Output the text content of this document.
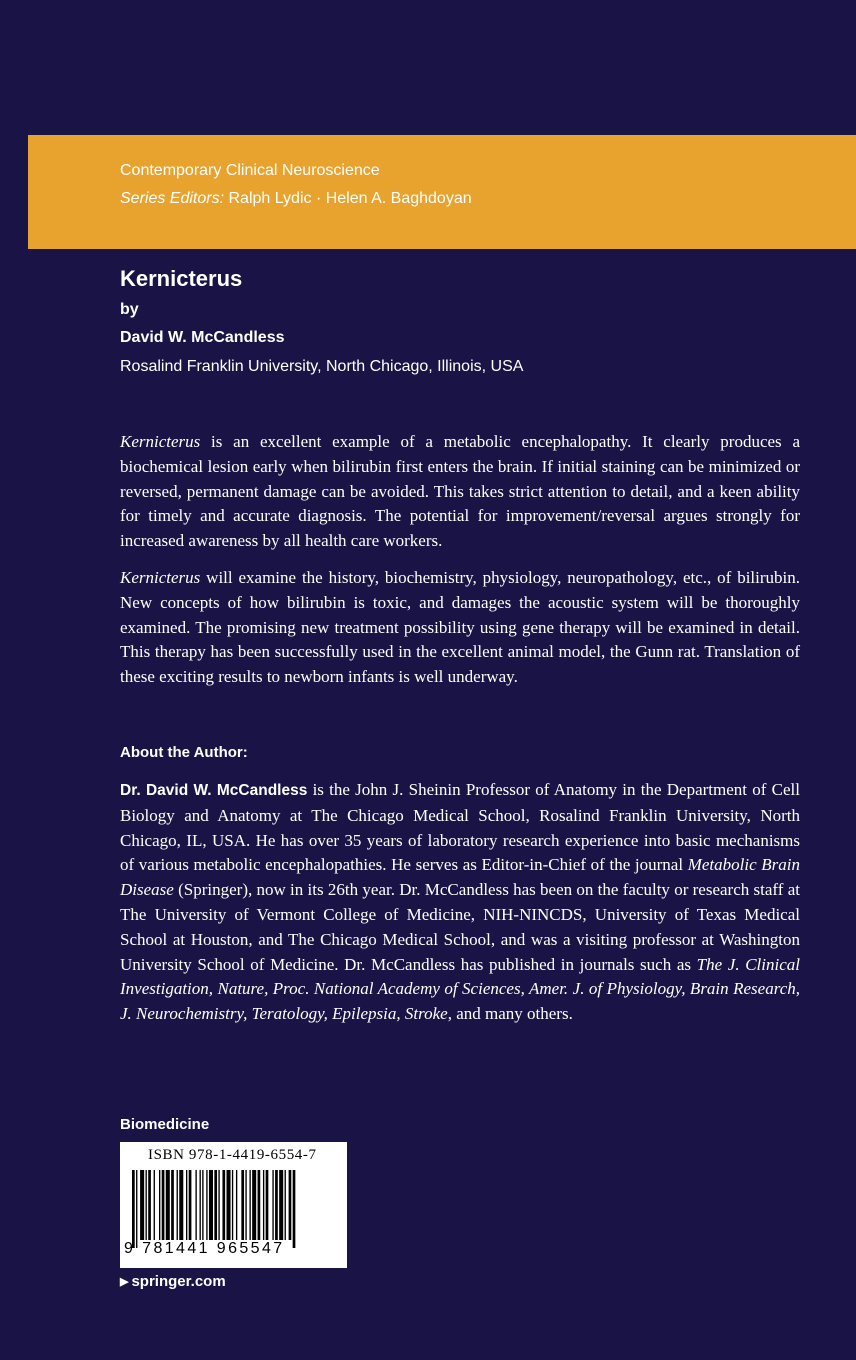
Contemporary Clinical Neuroscience
Series Editors: Ralph Lydic · Helen A. Baghdoyan
Kernicterus
by
David W. McCandless
Rosalind Franklin University, North Chicago, Illinois, USA
Kernicterus is an excellent example of a metabolic encephalopathy. It clearly produces a biochemical lesion early when bilirubin first enters the brain. If initial staining can be minimized or reversed, permanent damage can be avoided. This takes strict attention to detail, and a keen ability for timely and accurate diagnosis. The potential for improvement/reversal argues strongly for increased awareness by all health care workers.
Kernicterus will examine the history, biochemistry, physiology, neuropathology, etc., of bilirubin. New concepts of how bilirubin is toxic, and damages the acoustic system will be thoroughly examined. The promising new treatment possibility using gene therapy will be examined in detail. This therapy has been successfully used in the excellent animal model, the Gunn rat. Translation of these exciting results to newborn infants is well underway.
About the Author:
Dr. David W. McCandless is the John J. Sheinin Professor of Anatomy in the Department of Cell Biology and Anatomy at The Chicago Medical School, Rosalind Franklin University, North Chicago, IL, USA. He has over 35 years of laboratory research experience into basic mechanisms of various metabolic encephalopathies. He serves as Editor-in-Chief of the journal Metabolic Brain Disease (Springer), now in its 26th year. Dr. McCandless has been on the faculty or research staff at The University of Vermont College of Medicine, NIH-NINCDS, University of Texas Medical School at Houston, and The Chicago Medical School, and was a visiting professor at Washington University School of Medicine. Dr. McCandless has published in journals such as The J. Clinical Investigation, Nature, Proc. National Academy of Sciences, Amer. J. of Physiology, Brain Research, J. Neurochemistry, Teratology, Epilepsia, Stroke, and many others.
Biomedicine
ISBN 978-1-4419-6554-7
9 781441 965547
▶ springer.com
